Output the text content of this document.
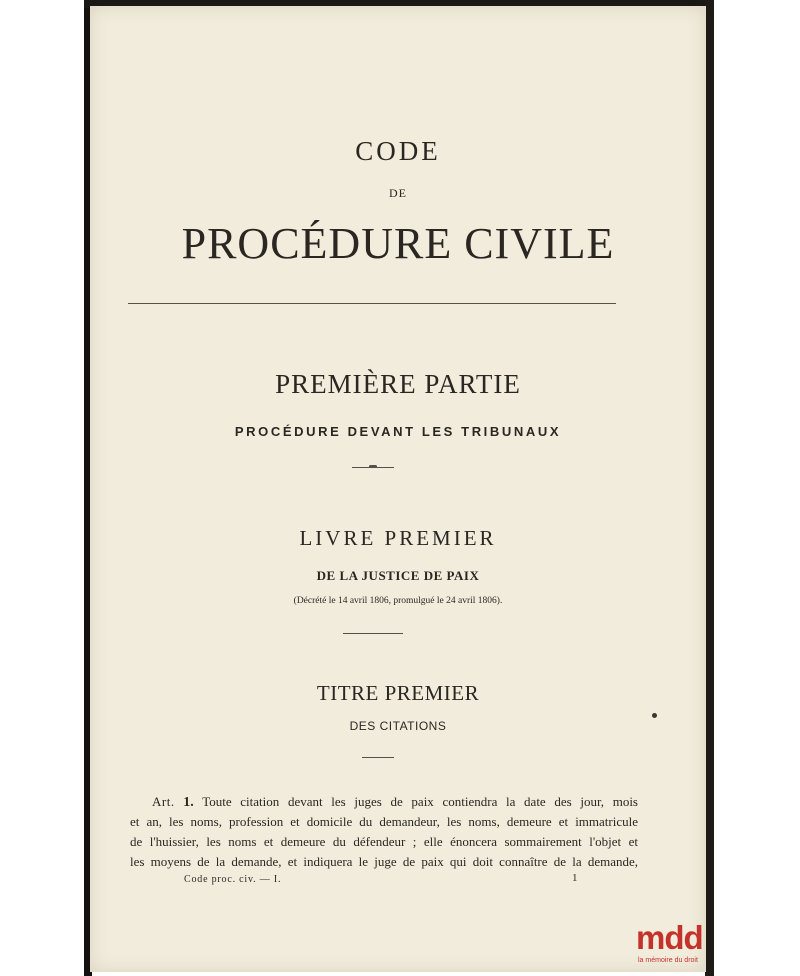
CODE
DE
PROCÉDURE CIVILE
PREMIÈRE PARTIE
PROCÉDURE DEVANT LES TRIBUNAUX
LIVRE PREMIER
DE LA JUSTICE DE PAIX
(Décrété le 14 avril 1806, promulgué le 24 avril 1806).
TITRE PREMIER
DES CITATIONS
Art. 1. Toute citation devant les juges de paix contiendra la date des jour, mois
et an, les noms, profession et domicile du demandeur, les noms, demeure et immatricule
de l'huissier, les noms et demeure du défendeur ; elle énoncera sommairement l'objet et
les moyens de la demande, et indiquera le juge de paix qui doit connaître de la demande,
Code proc. civ. — I.	1
mdd
la mémoire du droit
